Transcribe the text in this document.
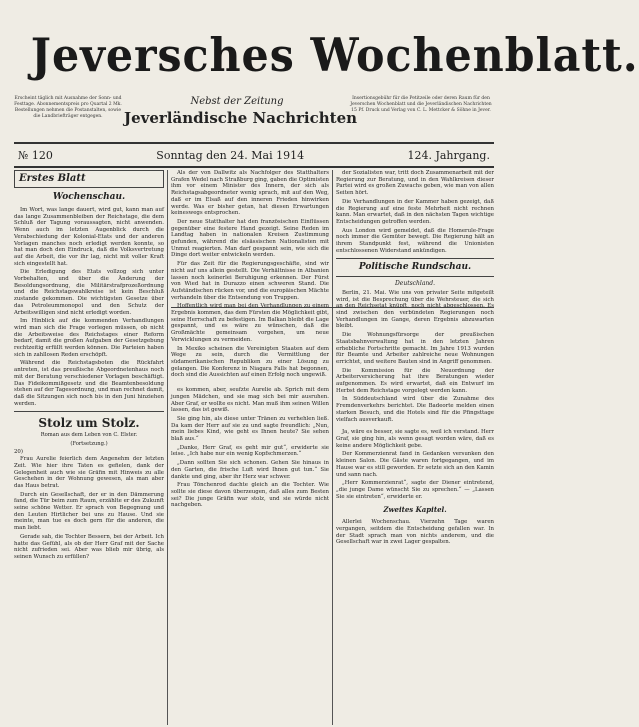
Jeversches Wochenblatt.
Erscheint täglich mit Ausnahme der Sonn- und Festtage. Abonnementspreis pro Quartal 2 Mk. Bestellungen nehmen die Postanstalten, sowie die Landbriefträger entgegen.
Nebst der Zeitung
Jeverländische Nachrichten
Insertionsgebühr für die Petitzeile oder deren Raum für den Jeverschen Wochenblatt und die Jeverländischen Nachrichten 15 Pf. Druck und Verlag von C. L. Mettcker & Söhne in Jever.
№ 120	Sonntag den 24. Mai 1914	124. Jahrgang.
Erstes Blatt
Wochenschau.

Im Wort, was lange dauert, wird gut, kann man auf das lange Zusammenbleiben der Reichstage, die dem Schluß der Tagung voraussagten, nicht anwenden. Wenn auch im letzten Augenblick durch die Verabschiedung der Kolonial-Etats und der anderen Vorlagen manches noch erledigt werden konnte, so hat man doch den Eindruck, daß die Volksvertretung auf die Arbeit, die vor ihr lag, nicht mit voller Kraft sich eingestellt hat.

Die Erledigung des Etats vollzog sich unter Vorbehalten, und über die Änderung der Besoldungsordnung, die Militärstrafprozeßordnung und die Reichstagswahlkreise ist kein Beschluß zustande gekommen. Die wichtigsten Gesetze über das Petroleummonopol und den Schutz der Arbeitswilligen sind nicht erledigt worden.

Im Hinblick auf die kommenden Verhandlungen wird man sich die Frage vorlegen müssen, ob nicht die Arbeitsweise des Reichstages einer Reform bedarf, damit die großen Aufgaben der Gesetzgebung rechtzeitig erfüllt werden können. Die Parteien haben sich in zahllosen Reden erschöpft.

Während die Reichstagsboten die Rückfahrt antreten, ist das preußische Abgeordnetenhaus noch mit der Beratung verschiedener Vorlagen beschäftigt. Das Fideikommißgesetz und die Beamtenbesoldung stehen auf der Tagesordnung, und man rechnet damit, daß die Sitzungen sich noch bis in den Juni hinziehen werden.

Stolz um Stolz.
Roman aus dem Leben von C. Elster.
(Fortsetzung.)
20)

Frau Aurelie feierlich dem Angenehm der letzten Zeit. Wie hier ihre Taten es gefielen, dank der Gelegenheit auch wie sie Gräfin mit Hinweis zu alle Geschehen in der Wohnung gewesen, als man aber das Haus betrat.

Durch ein Gesellschaft, der er in den Dämmerung fand, die Tür beim zum Raum, erzählte er des Zukunft seine schöne Wetter. Er sprach von Begegnung und den Leuten Hirtlicher bei uns zu Hause. Und sie meinte, man tue es doch gern für die anderen, die man liebt.

Gerade sah, die Tochter Bessern, bei der Arbeit. Ich hatte das Gefühl, als ob der Herr Graf mit der Sache nicht zufrieden sei. Aber was blieb mir übrig, als seinen Wunsch zu erfüllen?

Als der von Dallwitz als Nachfolger des Statthalters Grafen Wedel nach Straßburg ging, gaben die Optimisten ihm vor einem Minister des Innern, der sich als Reichstagsabgeordneter wenig sprach, mit auf den Weg, daß er im Elsaß auf den inneren Frieden hinwirken werde. Was er bisher getan, hat diesen Erwartungen keineswegs entsprochen.

Der neue Statthalter hat den französischen Einflüssen gegenüber eine festere Hand gezeigt. Seine Reden im Landtag haben in nationalen Kreisen Zustimmung gefunden, während die elsässischen Nationalisten mit Unmut reagierten. Man darf gespannt sein, wie sich die Dinge dort weiter entwickeln werden.

Für das Zeit für die Regierungsgeschäfte, sind wir nicht auf uns allein gestellt. Die Verhältnisse in Albanien lassen noch keinerlei Beruhigung erkennen. Der Fürst von Wied hat in Durazzo einen schweren Stand. Die Aufständischen rücken vor, und die europäischen Mächte verhandeln über die Entsendung von Truppen.

Ergebnis kommen, das dem Fürsten die Möglichkeit gibt, seine Herrschaft zu befestigen. Im Balkan bleibt die Lage gespannt, und es wäre zu wünschen, daß die Großmächte gemeinsam vorgehen, um neue Verwicklungen zu vermeiden.

In Mexiko scheinen die Vereinigten Staaten auf dem Wege zu sein, durch die Vermittlung der südamerikanischen Republiken zu einer Lösung zu gelangen. Die Konferenz in Niagara Falls hat begonnen, doch sind die Aussichten auf einen Erfolg noch ungewiß.

es kommen, aber, seufzte Aurelie ab. Sprich mit dem jungen Mädchen, und sie mag sich bei mir ausruhen. Aber Graf, er wollte es nicht. Man muß ihm seinen Willen lassen, das ist gewiß.

Sie ging hin, als diese unter Tränen zu verhehlen ließ. Da kam der Herr auf sie zu und sagte freundlich: „Nun, mein liebes Kind, wie geht es Ihnen heute? Sie sehen blaß aus.“

„Danke, Herr Graf, es geht mir gut“, erwiderte sie leise. „Ich habe nur ein wenig Kopfschmerzen.“

„Dann sollten Sie sich schonen. Gehen Sie hinaus in den Garten, die frische Luft wird Ihnen gut tun.“ Sie dankte und ging, aber ihr Herz war schwer.

Frau Tönchenrod dachte gleich an die Tochter. Wie sollte sie diese davon überzeugen, daß alles zum Besten sei? Die junge Gräfin war stolz, und sie würde nicht nachgeben.

der Sozialisten war, tritt doch Zusammenarbeit mit der Regierung zur Beratung, und in den Wahlkreisen dieser Partei wird es großen Zuwachs geben, wie man von allen Seiten hört.

Die Verhandlungen in der Kammer haben gezeigt, daß die Regierung auf eine feste Mehrheit nicht rechnen kann. Man erwartet, daß in den nächsten Tagen wichtige Entscheidungen getroffen werden.

Aus London wird gemeldet, daß die Homerule-Frage noch immer die Gemüter bewegt. Die Regierung hält an ihrem Standpunkt fest, während die Unionisten entschlossenen Widerstand ankündigen.

Politische Rundschau.
Deutschland.

Berlin, 21. Mai. Wie uns von privater Seite mitgeteilt wird, ist die Besprechung über die Wehrsteuer, die sich sind zwischen den verbündeten Regierungen noch Verhandlungen im Gange, deren Ergebnis abzuwarten bleibt.

Die Wohnungsfürsorge der preußischen Staatsbahnverwaltung hat in den letzten Jahren erhebliche Fortschritte gemacht. Im Jahre 1913 wurden für Beamte und Arbeiter zahlreiche neue Wohnungen errichtet, und weitere Bauten sind in Angriff genommen.

Die Kommission für die Neuordnung der Arbeiterversicherung hat ihre Beratungen wieder aufgenommen. Es wird erwartet, daß ein Entwurf im Herbst dem Reichstage vorgelegt werden kann.

In Süddeutschland wird über die Zunahme des Fremdenverkehrs berichtet. Die Badeorte melden einen starken Besuch, und die Hotels sind für die Pfingsttage vielfach ausverkauft.

Ja, wäre es besser, sie sagte es, weil ich verstand. Herr Graf, sie ging hin, als wenn gesagt worden wäre, daß es keine andere Möglichkeit gebe.

Der Kommerzienrat fand in Gedanken versunken den kleinen Salon. Die Gäste waren fortgegangen, und im Hause war es still geworden. Er setzte sich an den Kamin und sann nach.

„Herr Kommerzienrat“, sagte der Diener eintretend, „die junge Dame wünscht Sie zu sprechen.“ — „Lassen Sie sie eintreten“, erwiderte er.

Zweites Kapitel.

Allerlei Wochenschau. Vierzehn Tage waren vergangen, seitdem die Entscheidung gefallen war. In der Stadt sprach man von nichts anderem, und die Gesellschaft war in zwei Lager gespalten.
